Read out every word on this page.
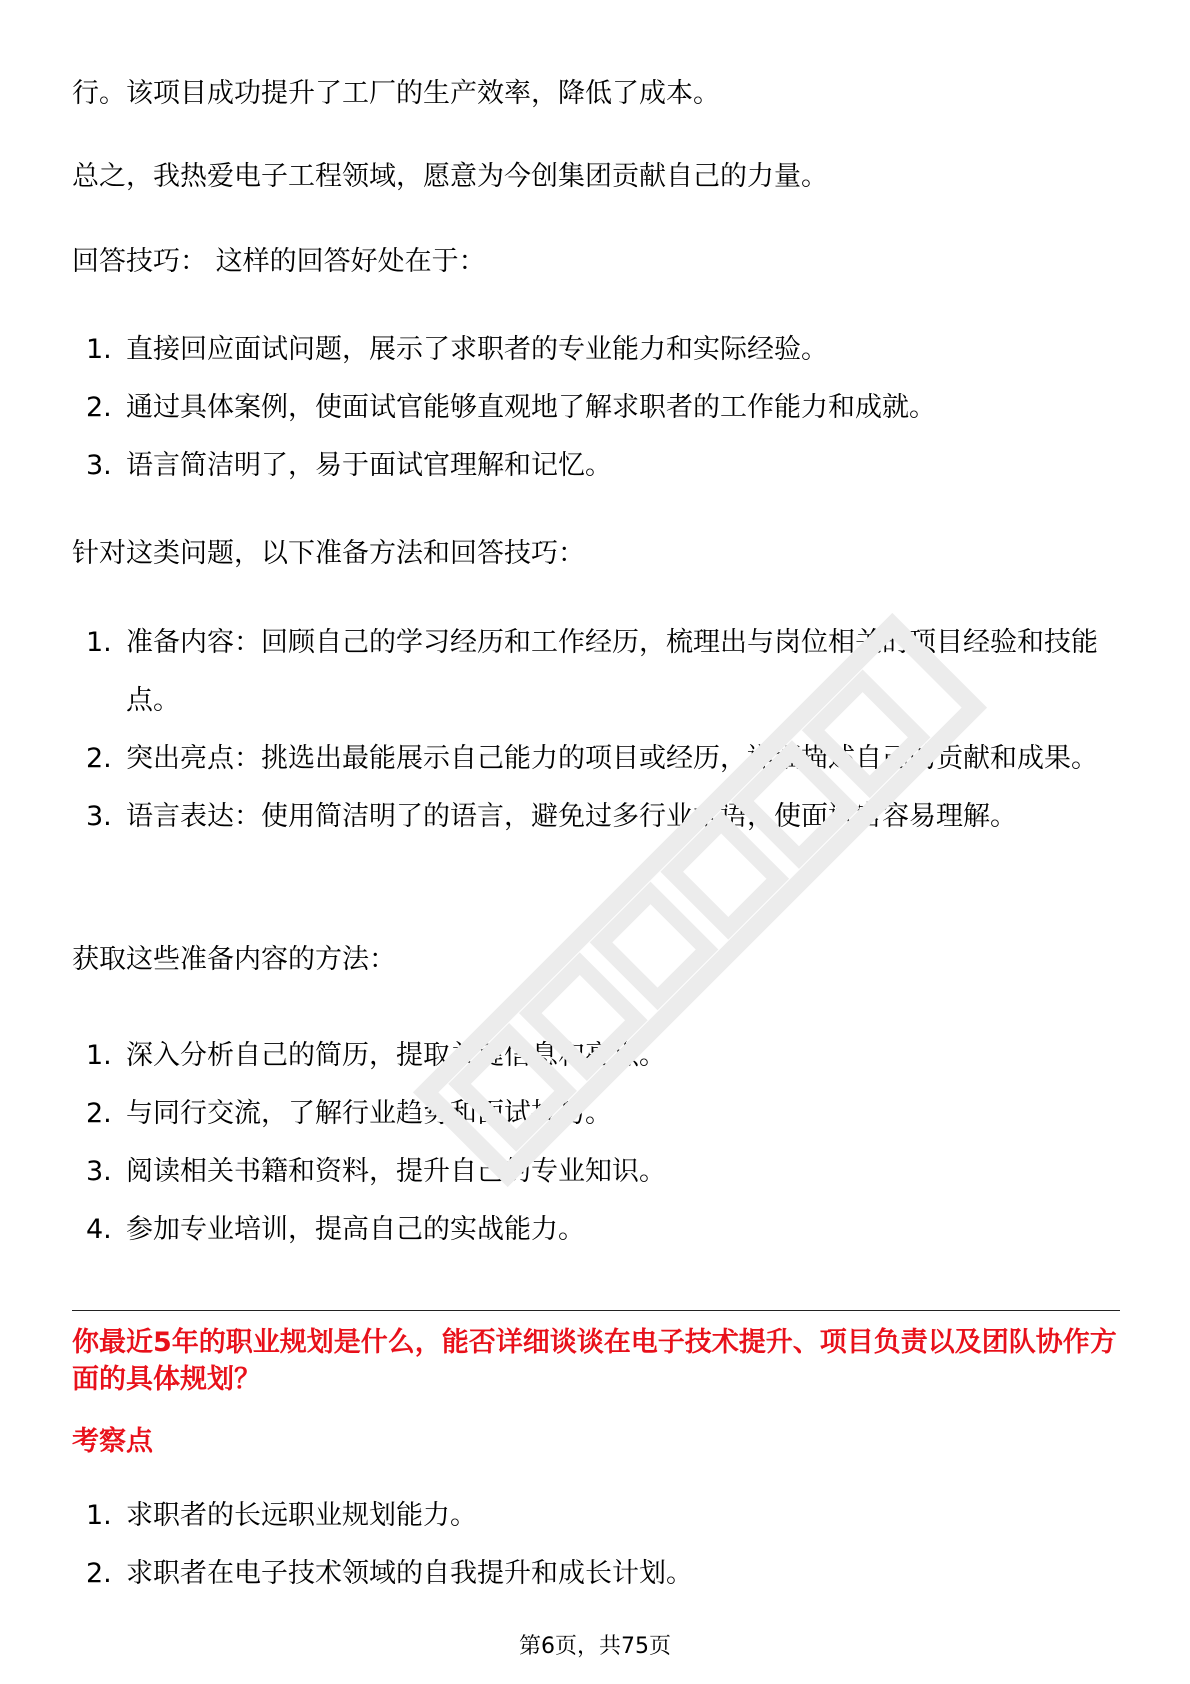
行。该项目成功提升了工厂的生产效率，降低了成本。

总之，我热爱电子工程领域，愿意为今创集团贡献自己的力量。

回答技巧： 这样的回答好处在于：

1. 直接回应面试问题，展示了求职者的专业能力和实际经验。
2. 通过具体案例，使面试官能够直观地了解求职者的工作能力和成就。
3. 语言简洁明了，易于面试官理解和记忆。

针对这类问题，以下准备方法和回答技巧：

1. 准备内容：回顾自己的学习经历和工作经历，梳理出与岗位相关的项目经验和技能点。
2. 突出亮点：挑选出最能展示自己能力的项目或经历，详细描述自己的贡献和成果。
3. 语言表达：使用简洁明了的语言，避免过多行业术语，使面试官容易理解。

获取这些准备内容的方法：

1. 深入分析自己的简历，提取关键信息和亮点。
2. 与同行交流，了解行业趋势和面试技巧。
3. 阅读相关书籍和资料，提升自己的专业知识。
4. 参加专业培训，提高自己的实战能力。
1. 求职者的长远职业规划能力。
2. 求职者在电子技术领域的自我提升和成长计划。

你最近5年的职业规划是什么，能否详细谈谈在电子技术提升、项目负责以及团队协作方面的具体规划？

考察点

第6页，共75页
